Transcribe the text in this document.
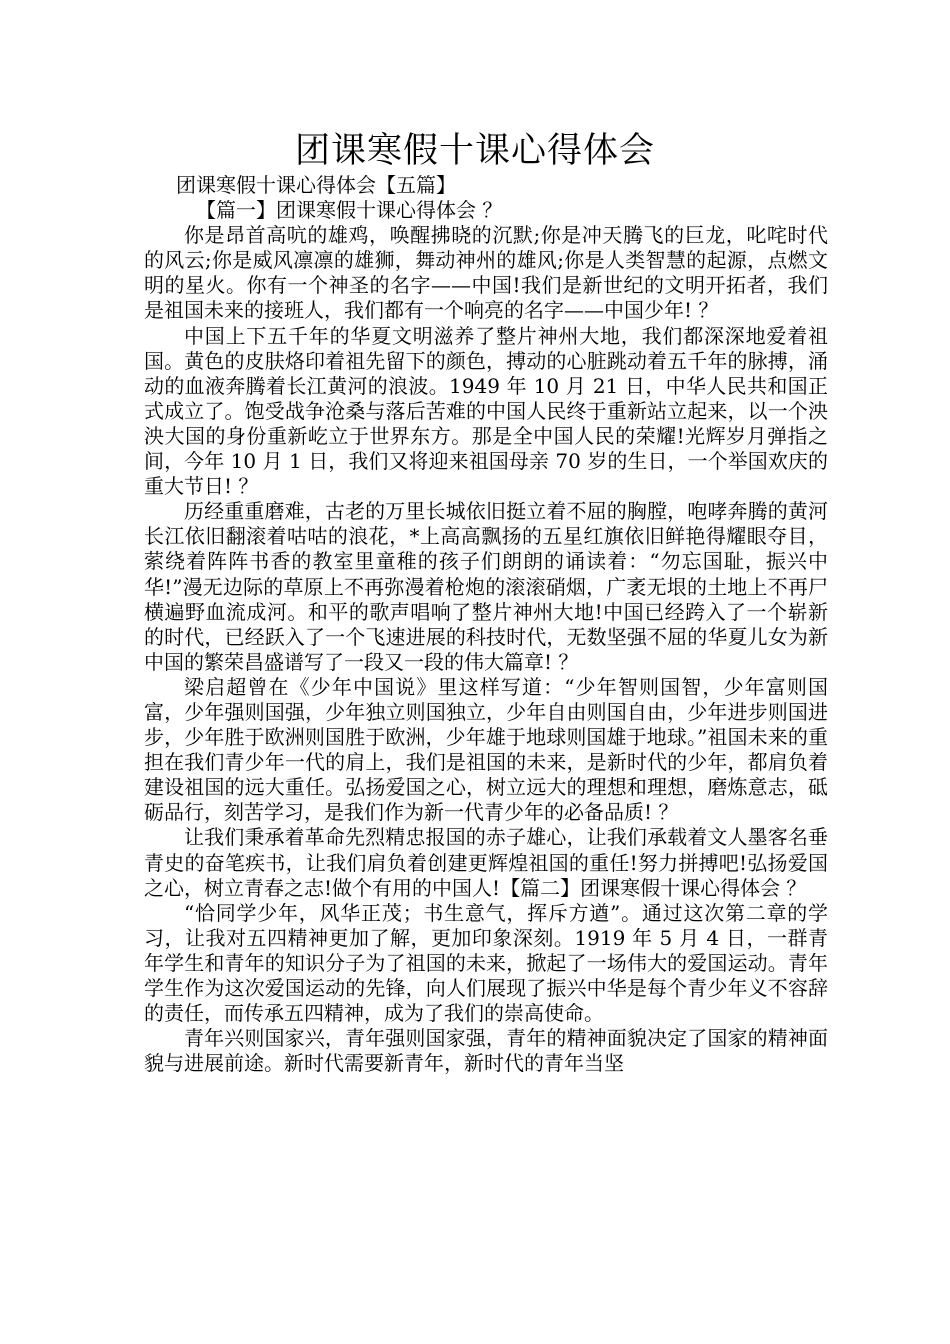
团课寒假十课心得体会

团课寒假十课心得体会【五篇】

【篇一】团课寒假十课心得体会 ？

你是昂首高吭的雄鸡，唤醒拂晓的沉默;你是冲天腾飞的巨龙，叱咤时代的风云;你是威风凛凛的雄狮，舞动神州的雄风;你是人类智慧的起源，点燃文明的星火。你有一个神圣的名字——中国!我们是新世纪的文明开拓者，我们是祖国未来的接班人，我们都有一个响亮的名字——中国少年! ？

中国上下五千年的华夏文明滋养了整片神州大地，我们都深深地爱着祖国。黄色的皮肤烙印着祖先留下的颜色，搏动的心脏跳动着五千年的脉搏，涌动的血液奔腾着长江黄河的浪波。1949 年 10 月 21 日，中华人民共和国正式成立了。饱受战争沧桑与落后苦难的中国人民终于重新站立起来，以一个泱泱大国的身份重新屹立于世界东方。那是全中国人民的荣耀!光辉岁月弹指之间，今年 10 月 1 日，我们又将迎来祖国母亲 70 岁的生日，一个举国欢庆的重大节日! ？

历经重重磨难，古老的万里长城依旧挺立着不屈的胸膛，咆哮奔腾的黄河长江依旧翻滚着咕咕的浪花，*上高高飘扬的五星红旗依旧鲜艳得耀眼夺目，萦绕着阵阵书香的教室里童稚的孩子们朗朗的诵读着：“勿忘国耻，振兴中华!”漫无边际的草原上不再弥漫着枪炮的滚滚硝烟，广袤无垠的土地上不再尸横遍野血流成河。和平的歌声唱响了整片神州大地!中国已经跨入了一个崭新的时代，已经跃入了一个飞速进展的科技时代，无数坚强不屈的华夏儿女为新中国的繁荣昌盛谱写了一段又一段的伟大篇章! ？

梁启超曾在《少年中国说》里这样写道：“少年智则国智，少年富则国富，少年强则国强，少年独立则国独立，少年自由则国自由，少年进步则国进步，少年胜于欧洲则国胜于欧洲，少年雄于地球则国雄于地球。”祖国未来的重担在我们青少年一代的肩上，我们是祖国的未来，是新时代的少年，都肩负着建设祖国的远大重任。弘扬爱国之心，树立远大的理想和理想，磨炼意志，砥砺品行，刻苦学习，是我们作为新一代青少年的必备品质! ？

让我们秉承着革命先烈精忠报国的赤子雄心，让我们承载着文人墨客名垂青史的奋笔疾书，让我们肩负着创建更辉煌祖国的重任!努力拼搏吧!弘扬爱国之心，树立青春之志!做个有用的中国人!【篇二】团课寒假十课心得体会 ？

“恰同学少年，风华正茂；书生意气，挥斥方遒”。通过这次第二章的学习，让我对五四精神更加了解，更加印象深刻。1919 年 5 月 4 日，一群青年学生和青年的知识分子为了祖国的未来，掀起了一场伟大的爱国运动。青年学生作为这次爱国运动的先锋，向人们展现了振兴中华是每个青少年义不容辞的责任，而传承五四精神，成为了我们的崇高使命。

青年兴则国家兴，青年强则国家强，青年的精神面貌决定了国家的精神面貌与进展前途。新时代需要新青年，新时代的青年当坚
